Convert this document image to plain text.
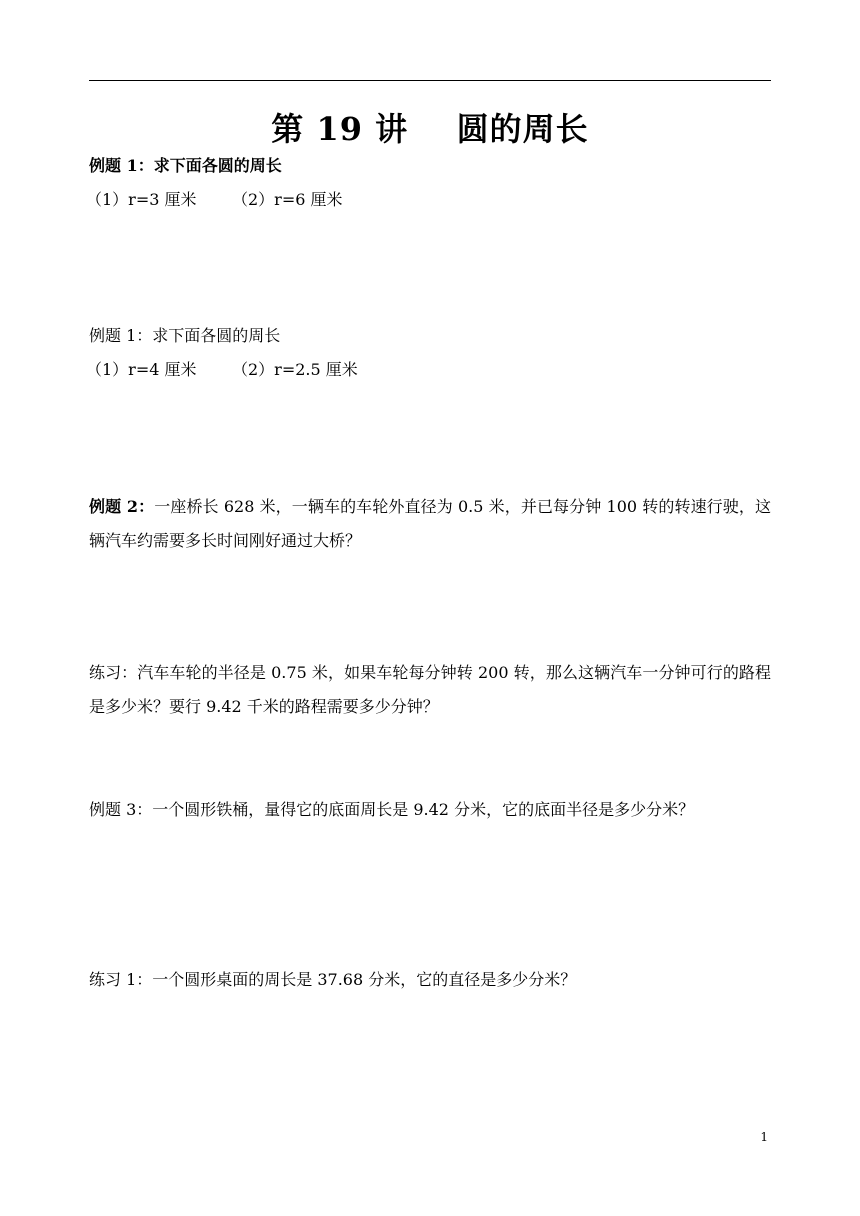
第 19 讲    圆的周长
例题 1：求下面各圆的周长
（1）r=3 厘米 （2）r=6 厘米
例题 1：求下面各圆的周长
（1）r=4 厘米 （2）r=2.5 厘米
例题 2：一座桥长 628 米，一辆车的车轮外直径为 0.5 米，并已每分钟 100 转的转速行驶，这辆汽车约需要多长时间刚好通过大桥？
练习：汽车车轮的半径是 0.75 米，如果车轮每分钟转 200 转，那么这辆汽车一分钟可行的路程是多少米？要行 9.42 千米的路程需要多少分钟？
例题 3：一个圆形铁桶，量得它的底面周长是 9.42 分米，它的底面半径是多少分米？
练习 1：一个圆形桌面的周长是 37.68 分米，它的直径是多少分米？
1
